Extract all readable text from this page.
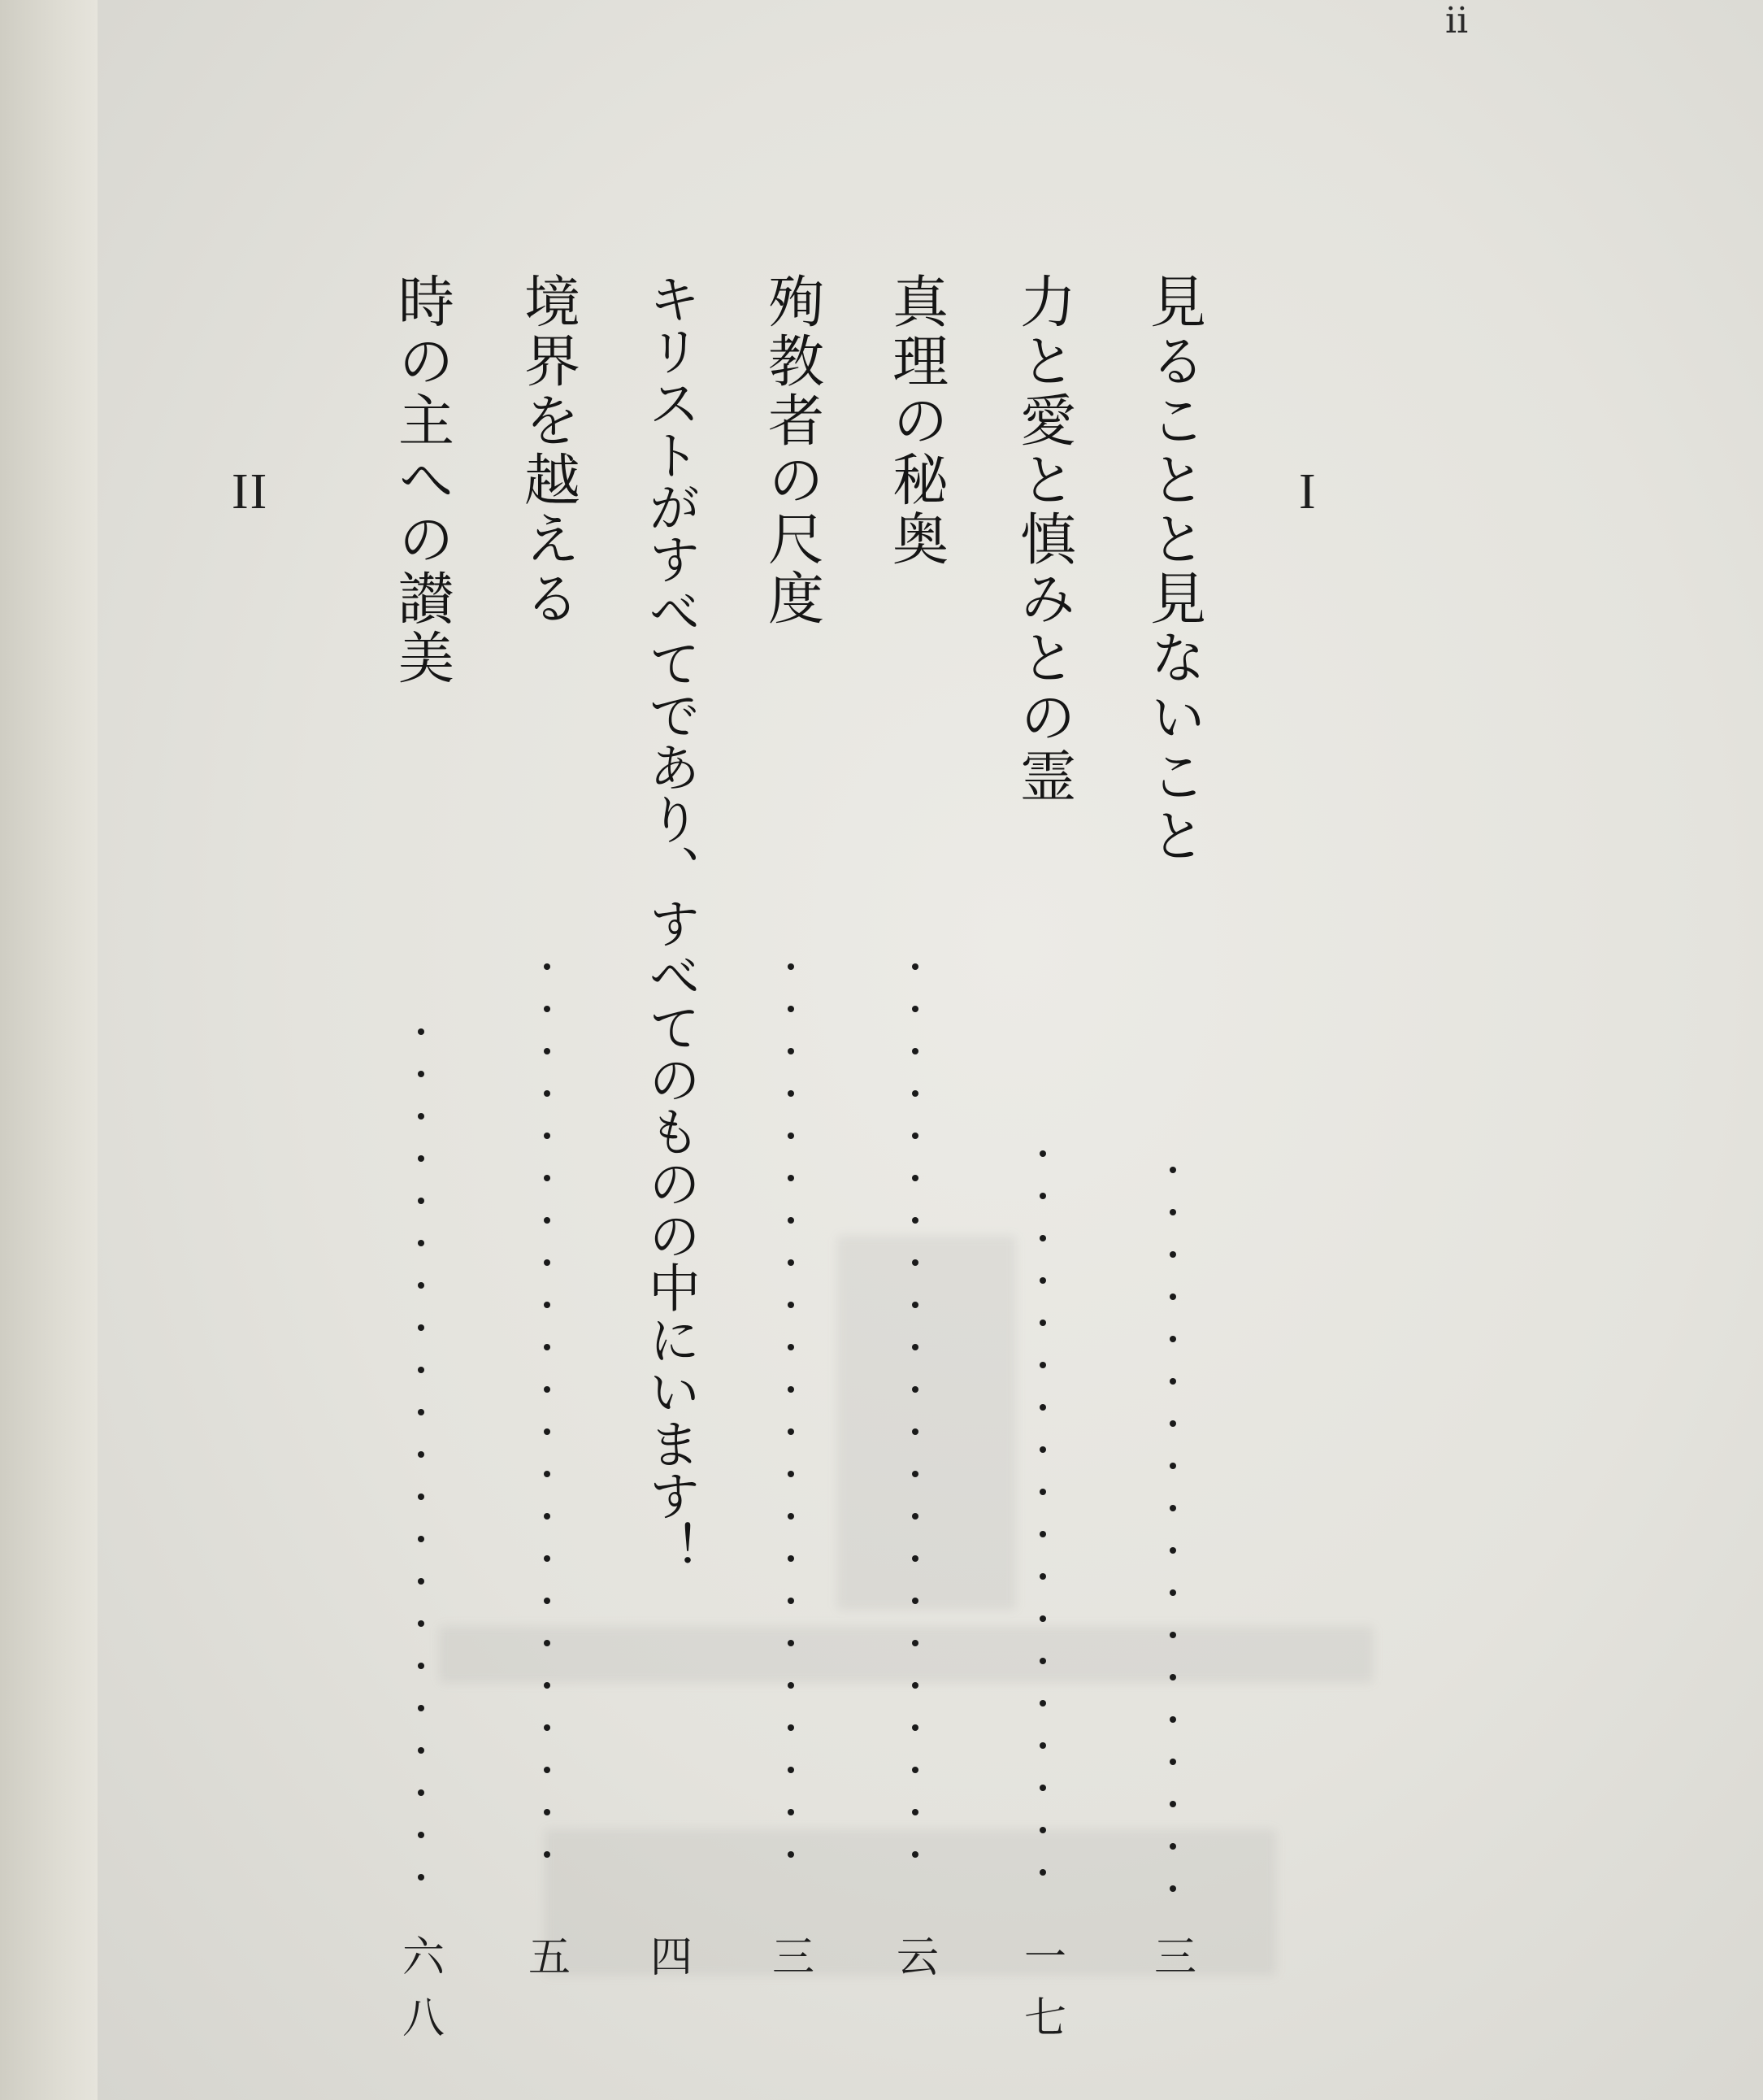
ii
I
II	見ることと見ないこと
三
力と愛と慎みとの霊
一七
真理の秘奥
云
殉教者の尺度
三
キリストがすべてであり、すべてのものの中にいます！
四
境界を越える
五
時の主への讃美
六八
